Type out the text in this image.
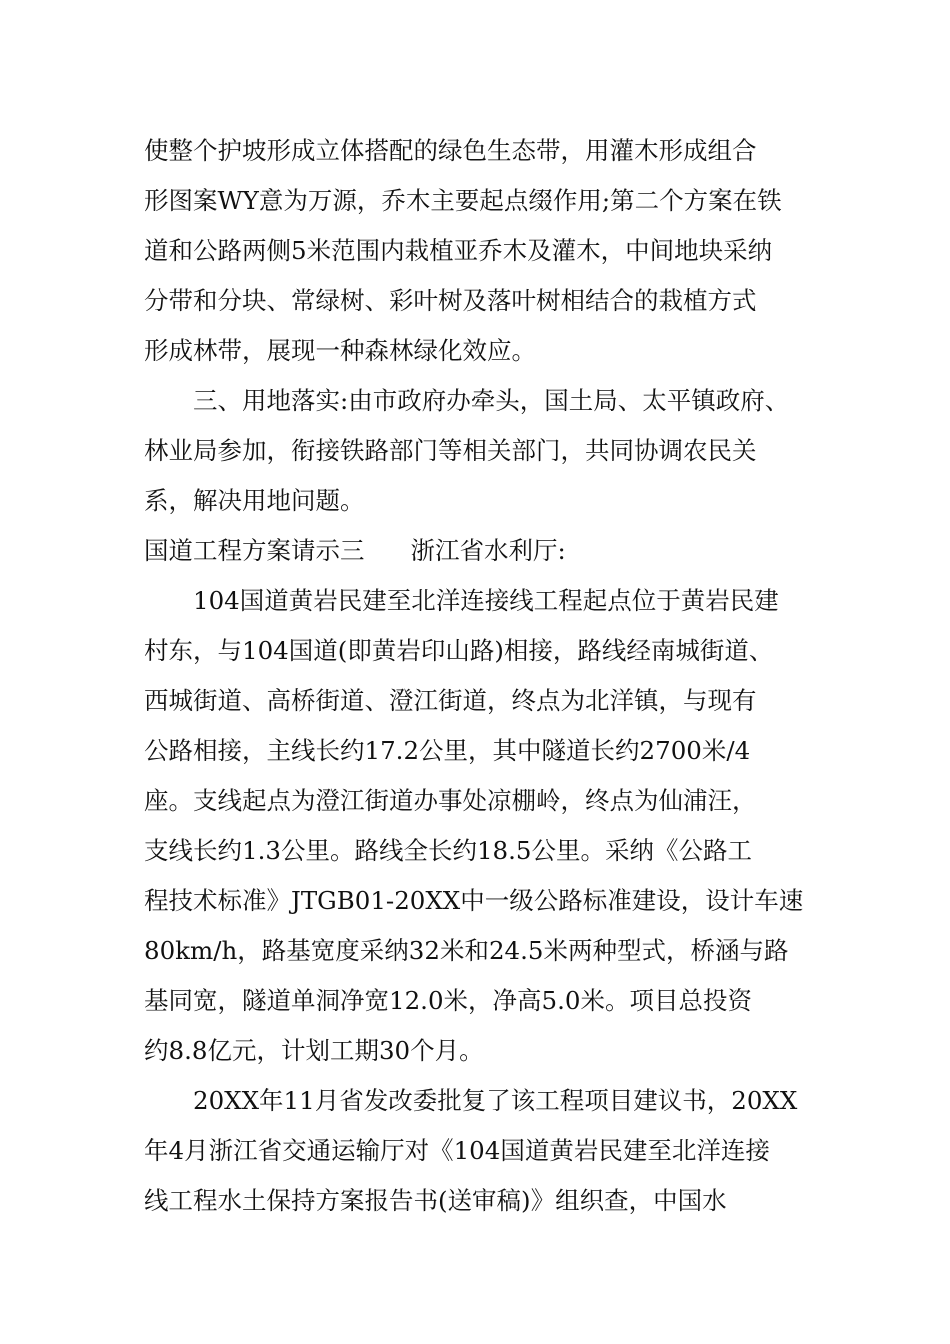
使整个护坡形成立体搭配的绿色生态带，用灌木形成组合
形图案WY意为万源，乔木主要起点缀作用;第二个方案在铁
道和公路两侧5米范围内栽植亚乔木及灌木，中间地块采纳
分带和分块、常绿树、彩叶树及落叶树相结合的栽植方式
形成林带，展现一种森林绿化效应。
三、用地落实:由市政府办牵头，国土局、太平镇政府、
林业局参加，衔接铁路部门等相关部门，共同协调农民关
系，解决用地问题。
国道工程方案请示三 浙江省水利厅:
104国道黄岩民建至北洋连接线工程起点位于黄岩民建
村东，与104国道(即黄岩印山路)相接，路线经南城街道、
西城街道、高桥街道、澄江街道，终点为北洋镇，与现有
公路相接，主线长约17.2公里，其中隧道长约2700米/4
座。支线起点为澄江街道办事处凉棚岭，终点为仙浦汪，
支线长约1.3公里。路线全长约18.5公里。采纳《公路工
程技术标准》JTGB01-20XX中一级公路标准建设，设计车速
80km/h，路基宽度采纳32米和24.5米两种型式，桥涵与路
基同宽，隧道单洞净宽12.0米，净高5.0米。项目总投资
约8.8亿元，计划工期30个月。
20XX年11月省发改委批复了该工程项目建议书，20XX
年4月浙江省交通运输厅对《104国道黄岩民建至北洋连接
线工程水土保持方案报告书(送审稿)》组织查，中国水
